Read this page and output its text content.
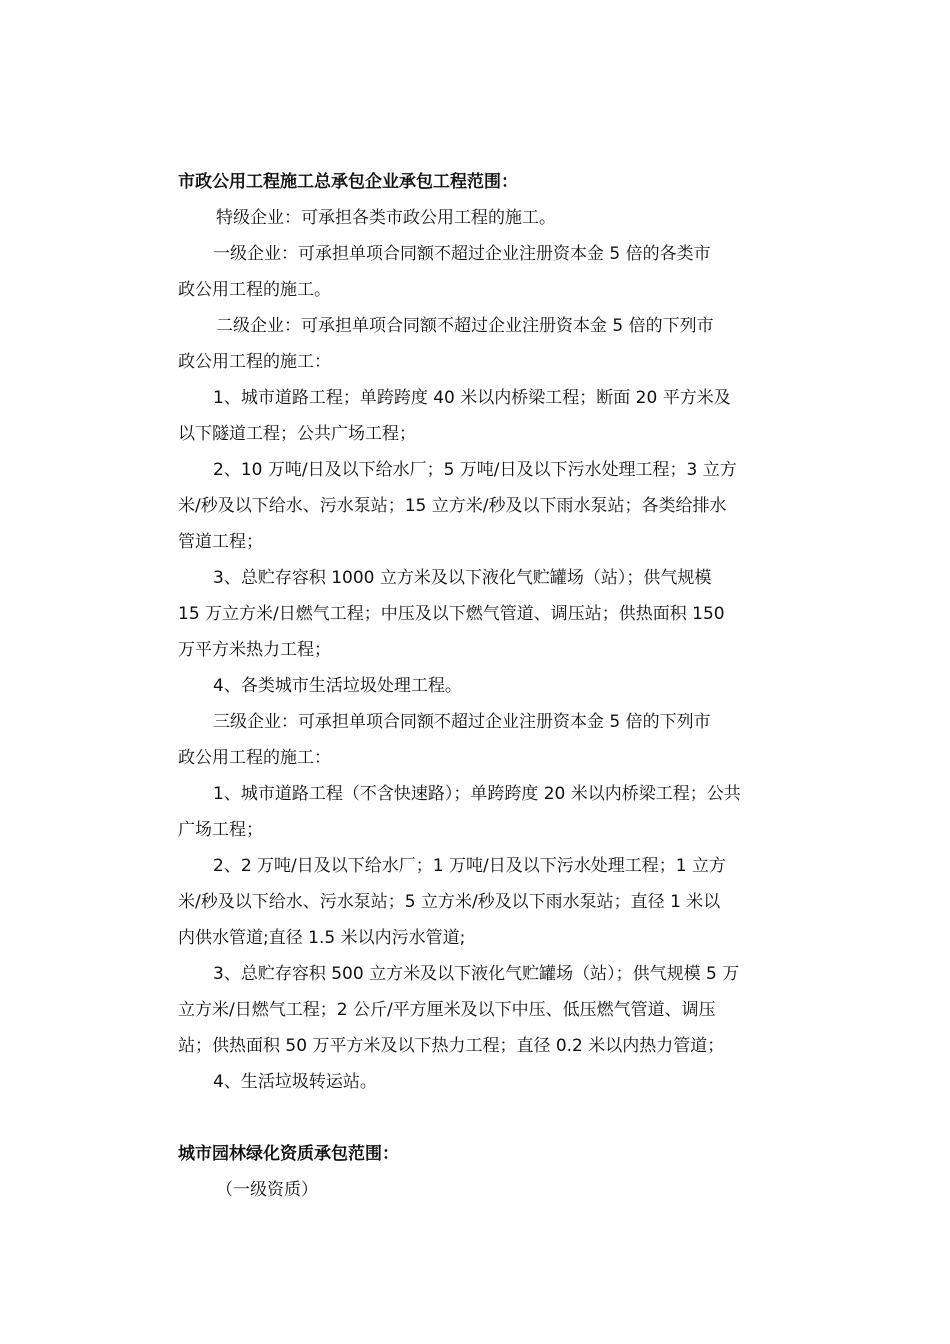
市政公用工程施工总承包企业承包工程范围：
特级企业：可承担各类市政公用工程的施工。
一级企业：可承担单项合同额不超过企业注册资本金 5 倍的各类市
政公用工程的施工。
二级企业：可承担单项合同额不超过企业注册资本金 5 倍的下列市
政公用工程的施工：
1、城市道路工程；单跨跨度 40 米以内桥梁工程；断面 20 平方米及
以下隧道工程；公共广场工程；
2、10 万吨/日及以下给水厂；5 万吨/日及以下污水处理工程；3 立方
米/秒及以下给水、污水泵站；15 立方米/秒及以下雨水泵站；各类给排水
管道工程；
3、总贮存容积 1000 立方米及以下液化气贮罐场（站）；供气规模
15 万立方米/日燃气工程；中压及以下燃气管道、调压站；供热面积 150
万平方米热力工程；
4、各类城市生活垃圾处理工程。
三级企业：可承担单项合同额不超过企业注册资本金 5 倍的下列市
政公用工程的施工：
1、城市道路工程（不含快速路）；单跨跨度 20 米以内桥梁工程；公共
广场工程；
2、2 万吨/日及以下给水厂；1 万吨/日及以下污水处理工程；1 立方
米/秒及以下给水、污水泵站；5 立方米/秒及以下雨水泵站；直径 1 米以
内供水管道;直径 1.5 米以内污水管道;
3、总贮存容积 500 立方米及以下液化气贮罐场（站）；供气规模 5 万
立方米/日燃气工程；2 公斤/平方厘米及以下中压、低压燃气管道、调压
站；供热面积 50 万平方米及以下热力工程；直径 0.2 米以内热力管道；
4、生活垃圾转运站。
城市园林绿化资质承包范围：
（一级资质）
